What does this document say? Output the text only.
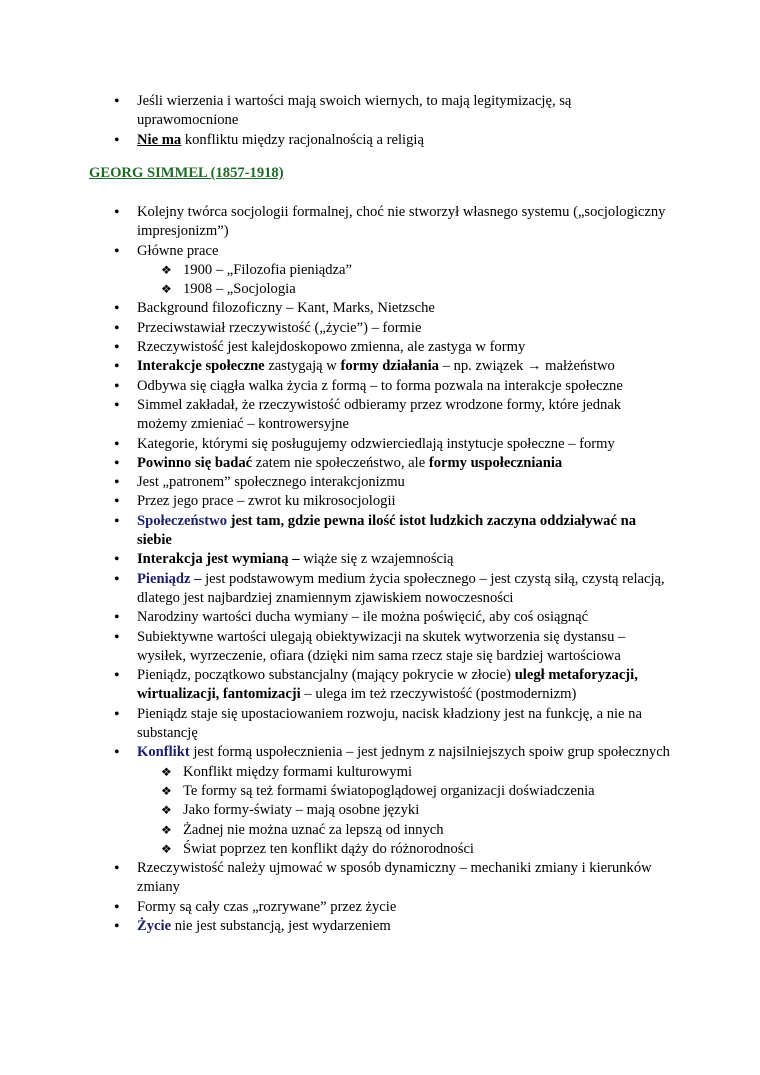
• Jeśli wierzenia i wartości mają swoich wiernych, to mają legitymizację, są uprawomocnione
• Nie ma konfliktu między racjonalnością a religią
GEORG SIMMEL (1857-1918)
• Kolejny twórca socjologii formalnej, choć nie stworzył własnego systemu („socjologiczny impresjonizm”)
• Główne prace
❖ 1900 – „Filozofia pieniądza”
❖ 1908 – „Socjologia
• Background filozoficzny – Kant, Marks, Nietzsche
• Przeciwstawiał rzeczywistość („życie”) – formie
• Rzeczywistość jest kalejdoskopowo zmienna, ale zastyga w formy
• Interakcje społeczne zastygają w formy działania – np. związek → małżeństwo
• Odbywa się ciągła walka życia z formą – to forma pozwala na interakcje społeczne
• Simmel zakładał, że rzeczywistość odbieramy przez wrodzone formy, które jednak możemy zmieniać – kontrowersyjne
• Kategorie, którymi się posługujemy odzwierciedlają instytucje społeczne – formy
• Powinno się badać zatem nie społeczeństwo, ale formy uspołeczniania
• Jest „patronem” społecznego interakcjonizmu
• Przez jego prace – zwrot ku mikrosocjologii
• Społeczeństwo jest tam, gdzie pewna ilość istot ludzkich zaczyna oddziaływać na siebie
• Interakcja jest wymianą – wiąże się z wzajemnością
• Pieniądz – jest podstawowym medium życia społecznego – jest czystą siłą, czystą relacją, dlatego jest najbardziej znamiennym zjawiskiem nowoczesności
• Narodziny wartości ducha wymiany – ile można poświęcić, aby coś osiągnąć
• Subiektywne wartości ulegają obiektywizacji na skutek wytworzenia się dystansu – wysiłek, wyrzeczenie, ofiara (dzięki nim sama rzecz staje się bardziej wartościowa
• Pieniądz, początkowo substancjalny (mający pokrycie w złocie) uległ metaforyzacji, wirtualizacji, fantomizacji – ulega im też rzeczywistość (postmodernizm)
• Pieniądz staje się upostaciowaniem rozwoju, nacisk kładziony jest na funkcję, a nie na substancję
• Konflikt jest formą uspołecznienia – jest jednym z najsilniejszych spoiw grup społecznych
❖ Konflikt między formami kulturowymi
❖ Te formy są też formami światopoglądowej organizacji doświadczenia
❖ Jako formy-światy – mają osobne języki
❖ Żadnej nie można uznać za lepszą od innych
❖ Świat poprzez ten konflikt dąży do różnorodności
• Rzeczywistość należy ujmować w sposób dynamiczny – mechaniki zmiany i kierunków zmiany
• Formy są cały czas „rozrywane” przez życie
• Życie nie jest substancją, jest wydarzeniem
